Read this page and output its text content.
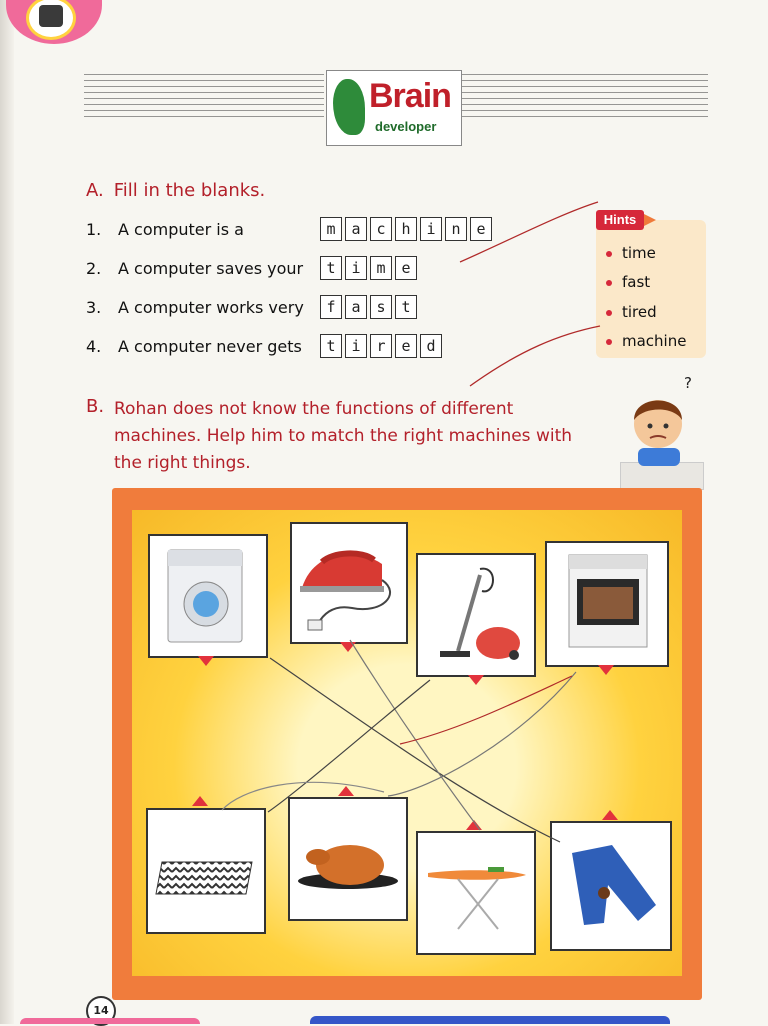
Brain
developer
A. Fill in the blanks.
1. A computer is a	m	a	c	h	i	n	e
2. A computer saves your	t	i	m	e
3. A computer works very	f	a	s	t
4. A computer never gets	t	i	r	e	d
Hints
time
fast
tired
machine
B. Rohan does not know the functions of different machines. Help him to match the right machines with the right things.
?
14
